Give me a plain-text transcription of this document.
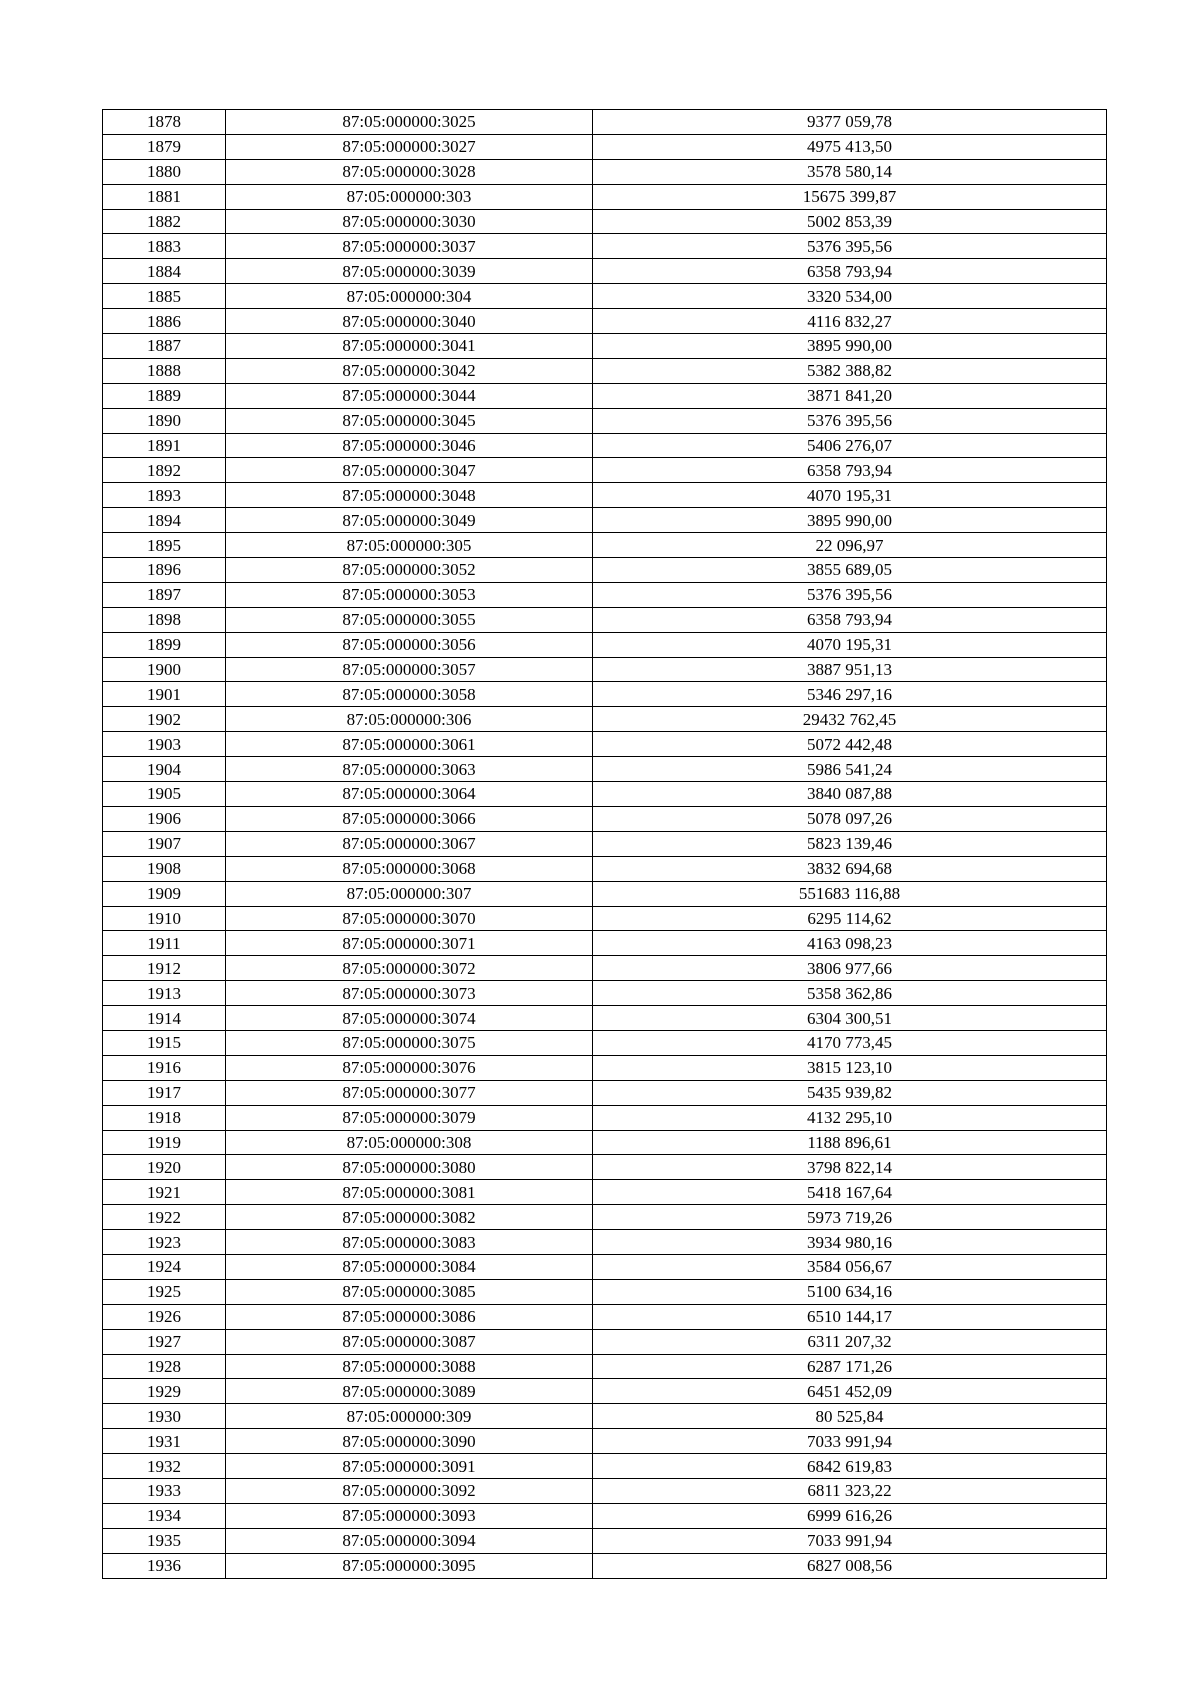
1878	87:05:000000:3025	9377 059,78
1879	87:05:000000:3027	4975 413,50
1880	87:05:000000:3028	3578 580,14
1881	87:05:000000:303	15675 399,87
1882	87:05:000000:3030	5002 853,39
1883	87:05:000000:3037	5376 395,56
1884	87:05:000000:3039	6358 793,94
1885	87:05:000000:304	3320 534,00
1886	87:05:000000:3040	4116 832,27
1887	87:05:000000:3041	3895 990,00
1888	87:05:000000:3042	5382 388,82
1889	87:05:000000:3044	3871 841,20
1890	87:05:000000:3045	5376 395,56
1891	87:05:000000:3046	5406 276,07
1892	87:05:000000:3047	6358 793,94
1893	87:05:000000:3048	4070 195,31
1894	87:05:000000:3049	3895 990,00
1895	87:05:000000:305	22 096,97
1896	87:05:000000:3052	3855 689,05
1897	87:05:000000:3053	5376 395,56
1898	87:05:000000:3055	6358 793,94
1899	87:05:000000:3056	4070 195,31
1900	87:05:000000:3057	3887 951,13
1901	87:05:000000:3058	5346 297,16
1902	87:05:000000:306	29432 762,45
1903	87:05:000000:3061	5072 442,48
1904	87:05:000000:3063	5986 541,24
1905	87:05:000000:3064	3840 087,88
1906	87:05:000000:3066	5078 097,26
1907	87:05:000000:3067	5823 139,46
1908	87:05:000000:3068	3832 694,68
1909	87:05:000000:307	551683 116,88
1910	87:05:000000:3070	6295 114,62
1911	87:05:000000:3071	4163 098,23
1912	87:05:000000:3072	3806 977,66
1913	87:05:000000:3073	5358 362,86
1914	87:05:000000:3074	6304 300,51
1915	87:05:000000:3075	4170 773,45
1916	87:05:000000:3076	3815 123,10
1917	87:05:000000:3077	5435 939,82
1918	87:05:000000:3079	4132 295,10
1919	87:05:000000:308	1188 896,61
1920	87:05:000000:3080	3798 822,14
1921	87:05:000000:3081	5418 167,64
1922	87:05:000000:3082	5973 719,26
1923	87:05:000000:3083	3934 980,16
1924	87:05:000000:3084	3584 056,67
1925	87:05:000000:3085	5100 634,16
1926	87:05:000000:3086	6510 144,17
1927	87:05:000000:3087	6311 207,32
1928	87:05:000000:3088	6287 171,26
1929	87:05:000000:3089	6451 452,09
1930	87:05:000000:309	80 525,84
1931	87:05:000000:3090	7033 991,94
1932	87:05:000000:3091	6842 619,83
1933	87:05:000000:3092	6811 323,22
1934	87:05:000000:3093	6999 616,26
1935	87:05:000000:3094	7033 991,94
1936	87:05:000000:3095	6827 008,56
